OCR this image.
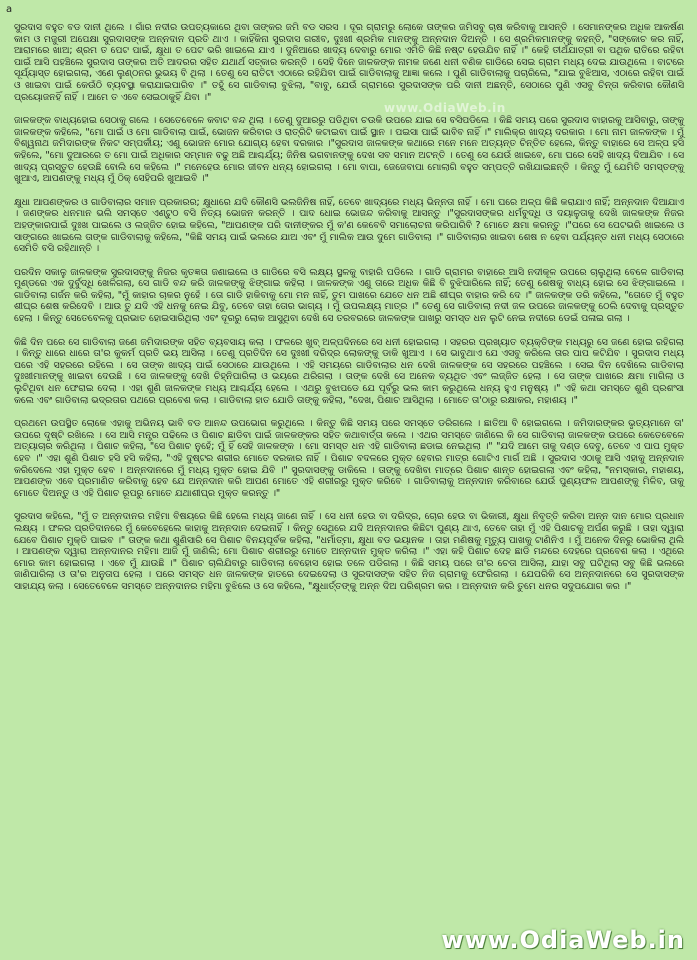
a
www.OdiaWeb.in

ସୁରଦାସ ବହୁତ ବଡ ଦାନୀ ଥିଲେ । ଗାଁର ନଦୀର ଉପତ୍ୟକାରେ ଥିବା ତାଙ୍କର ଜମି ବଡ ସରସ । ଦୂର ଗ୍ରାମରୁ ଲୋକେ ତାଙ୍କର ଜମିସବୁ ଚାଷ କରିବାକୁ ଆସନ୍ତି । ସେମାନଙ୍କର ଅଧିକ ଆକର୍ଷଣ କାମ ଓ ମଜୁରୀ ଅପେକ୍ଷା ସୁରଦାସଙ୍କ ଅନ୍ନଦାନ ପ୍ରତି ଥାଏ । କାହିଁକିନା ସୁରଦାସ ଗରୀବ, ଦୁଃଖୀ ଶ୍ରମିକ ମାନଙ୍କୁ ଅନ୍ନଦାନ ଦିଅନ୍ତି । ସେ ଶ୍ରମିକମାନଙ୍କୁ କହନ୍ତି, "ସଙ୍କୋଚ କର ନାହିଁ, ଆରାମରେ ଖାଅ; ଶ୍ରମ ତ ପେଟ ପାଇଁ, କ୍ଷୁଧା ତ ପେଟ ଭରି ଖାଇଲେ ଯାଏ । ଦୁନିଆରେ ଖାଦ୍ୟ ଦେବାରୁ ମୋର ଏମିତି କିଛି ନଷ୍ଟ ହେଉଯିବ ନାହିଁ ।" କେହି ତୀର୍ଥଯାତ୍ରୀ ବା ପଥିକ ରାତିରେ ରହିବା ପାଇଁ ଆସି ପହଞ୍ଚିଲେ ସୁରଦାସ ତାଙ୍କର ଅତି ଆଦରର ସହିତ ଯଥାର୍ଥ ସତ୍କାର କରନ୍ତି । ସେହି ଦିନେ ଜାଳକଙ୍କ ନାମକ ଜଣେ ଧନୀ ବଣିକ ଗାଡିରେ ସେଇ ଗ୍ରାମ ମଧ୍ୟ ଦେଇ ଯାଉଥିଲେ । ବାଟରେ ସୂର୍ଯ୍ୟାସ୍ତ ହୋଇଗଲା, ଏଣେ ଲୁଣ୍ଠନର ଭୁଭୟ ବି ଥିଲା । ତେଣୁ ସେ ରାତିଟା ଏଠାରେ ରହିଯିବା ପାଇଁ ଗାଡିବାଲାକୁ ଆଜ୍ଞା କଲେ । ପୁଣି ଗାଡିବାଲାକୁ ପଚାରିଲେ, "ଯାଇ ବୁଝିଆସ, ଏଠାରେ ରହିବା ପାଇଁ ଓ ଖାଇବା ପାଇଁ କେଉଁଠି ବ୍ୟବସ୍ଥା କରାଯାଇପାରିବ ।" ତହୁଁ ସେ ଗାଡିବାଲା ବୁଝିଲା, "ବାବୁ, ଯେଉଁ ଗ୍ରାମରେ ସୁରଦାସଙ୍କ ପରି ଦାନୀ ଅଛନ୍ତି, ସେଠାରେ ପୁଣି ଏସବୁ ଚିନ୍ତା କରିବାର କୌଣସି ପ୍ରୟୋଜନହିଁ ନାହିଁ । ଆମେ ତ ଏବେ ସେଇଠାକୁହିଁ ଯିବା ।"

ଜାଳକଙ୍କ ବାଧ୍ୟହୋଇ ସେଠାକୁ ଗଲେ । ସେତେବେଳେ କବାଟ ବନ୍ଦ ଥିଲା । ତେଣୁ ଦୁଆରରୁ ପଡିଥିବା ଚଉକି ଉପରେ ଯାଇ ସେ ବସିପଡିଲେ । କିଛି ସମୟ ପରେ ସୁରଦାସ ବାହାରକୁ ଆସିବାରୁ, ତାଙ୍କୁ ଜାଳକଙ୍କ କହିଲେ, "ମୋ ପାଇଁ ଓ ମୋ ଗାଡିବାଲା ପାଇଁ, ଭୋଜନ କରିବାର ଓ ରାତ୍ରିଟି କଟାଇବା ପାଇଁ ସ୍ଥାନ । ପଇସା ପାଇଁ ଭାବିବ ନାହିଁ ।" ମାଲିକ୍ର ଖାଦ୍ୟ ଦରକାର । ମୋ ନାମ ଜାଳକଙ୍କ । ମୁଁ ବିଶ୍ୱନାଥ ଜମିଦାରଙ୍କ ନିକଟ ସମ୍ପର୍କୀୟ; ଏଣୁ ଭୋଜନ ମୋର ଯୋଗ୍ୟ ହେବା ଦରକାର ।"ସୁରଦାସ ଜାଳକଙ୍କ କଥାରେ ମନେ ମନେ ଅତ୍ୟନ୍ତ ଚିନ୍ତିତ ହେଲେ, କିନ୍ତୁ ବାହାରେ ସେ ଅଳ୍ପ ହସି କହିଲେ, "ମୋ ଦୁଆରରେ ତ ମୋ ପାଇଁ ଅଧିକାର ସମ୍ମାନ ବଢୁ ଅଛି ଆଶ୍ଚର୍ଯ୍ୟ; ଜିନିଷ ଭଗବାନଙ୍କୁ ଦେଖ ସବ ସମାନ ଅଟନ୍ତି । ତେଣୁ ସେ ଯେଉଁ ଖାଇବେ, ମୋ ଘରେ ସେହି ଖାଦ୍ୟ ଦିଆଯିବ । ସେ ଖାଦ୍ୟ ପ୍ରସ୍ତୁତ ହେଉଛି ବୋଲି ସେ କହିଲେ ।" ମନେହେଉ ମୋର ଜୀବନ ଧନ୍ୟ ହୋଇଗଲା । ମୋ ବାପା, ଜେଜେବାପା ମୋଲାଗି ବହୁତ ସମ୍ପତ୍ତି ରଖିଯାଇଛନ୍ତି । କିନ୍ତୁ ମୁଁ ଯେମିତି ସମସ୍ତଙ୍କୁ ଖୁଆଏ, ଆପଣଙ୍କୁ ମଧ୍ୟ ମୁଁ ଠିକ୍ ସେହିପରି ଖୁଆଇବି ।"

କ୍ଷୁଧା ଆପଣଙ୍କର ଓ ଗାଡିବାଲାର ସମାନ ପ୍ରକାରର; କ୍ଷୁଧାରେ ଯଦି କୌଣସି ଭଲଜିନିଷ ନାହିଁ, ତେବେ ଖାଦ୍ୟରେ ମଧ୍ୟ ଭିନ୍ନତା ନାହିଁ । ମୋ ଘରେ ଅଳ୍ପ କିଛି କରାଯାଏ ନାହିଁ; ଅନ୍ନଦାନ ଦିଆଯାଏ । ଜଣଙ୍କର ଧନମାନ ଭଲି ସମସ୍ତେ ଏଣ୍ଟୁଠ ବସି ନିତ୍ୟ ଭୋଜନ କରନ୍ତି । ପାଦ ଧୋଇ ଭୋଜନ୍ଦ କରିବାକୁ ଆସନ୍ତୁ ।"ସୁରଦାସଙ୍କର ଧର୍ମବୁଦ୍ଧି ଓ ଦୟାଳୁତାକୁ ଦେଖି ଜାଳକଙ୍କ ନିଜର ଅହଙ୍କାରପାଇଁ ଦୁଃଖ ପାଇଲେ ଓ ଲଜ୍ଜିତ ହୋଇ କହିଲେ, "ଆପଣଙ୍କ ପରି ଦାନୀଙ୍କର ମୁଁ କ'ଣ କେବେବି ସମାଲୋଚନା କରିପାରିବି ? ମୋତେ କ୍ଷମା କରନ୍ତୁ ।"ପରେ ସେ ପେଟଭରି ଖାଇଲେ ଓ ସାଙ୍ଗରେ ଖାଇଲେ ତାଙ୍କ ଗାଡିବାଲାକୁ କହିଲେ, "କିଛି ସମୟ ପାଇଁ ଭଲରେ ଯାଅ ଏବଂ ମୁଁ ମାଲିକ ଆଉ ଦୁମେ ଗାଡିବାଲା ।" ଗାଡିବାଲାର ଖାଇବା ଶେଷ ନ ହେବା ପର୍ଯ୍ୟନ୍ତ ଧନୀ ମଧ୍ୟ ସେଠାରେ ସେମିତି ବସି ରହିଥାନ୍ତି ।

ପରଦିନ ସକାଳୁ ଜାଳକଙ୍କ ସୁରଦାସଙ୍କୁ ନିଜର କୃତଜ୍ଞତା ଜଣାଇଲେ ଓ ଗାଡିରେ ବସି ଲକ୍ଷ୍ୟ ସ୍ଥଳକୁ ବାହାରି ପଡିଲେ । ଗାଡି ଗ୍ରାମର ବାହାରେ ଆସି ନଦୀକୂଳ ଉପରେ ଚାଲୁଥିଲା ବେଳେ ଗାଡିବାଲା ମୁଣ୍ଡରେ ଏକ ଦୁର୍ବୁଦ୍ଧି ଖେଳିଗଲା, ସେ ଗାଡି ବନ୍ଦ କରି ଜାଳକଙ୍କୁ ଝିଙ୍ଗାଇ କହିଲା । ଜାଳକଙ୍କ ଏଣୁ ତାରେ ଅଧିକ କିଛି ବି ବୁଝିପାରିଲେ ନାହିଁ; ତେଣୁ ଶେଷକୁ ବାଧ୍ୟ ହୋଇ ସେ ଝିଙ୍ଗାଇଲେ । ଗାଡିବାଲା ଗର୍ଜନ କରି କହିଲା, "ମୁଁ କାହାର ଚାକର ନୁହେଁ । ତୋ ଗାଡି ହାକିବାକୁ ମୋ ମନ ନାହିଁ, ତୁମ ପାଖରେ ଯେତେ ଧନ ଅଛି ଶୀଘ୍ର ବାହାର କରି ଦେ ।" ଜାଳକଙ୍କ ଡରି କହିଲେ, "ତୋତେ ମୁଁ ବହୁତ ଶୀଘ୍ର ଶେଷ କରିଦେବି । ଆଉ ତୁ ଯଦି ଏହି ଧନକୁ ନେଇ ଯିବୁ, ତେବେ ତାହା ତୋର ଭାଗ୍ୟ । ମୁଁ ଉପଲକ୍ଷ୍ୟ ମାତ୍ର ।" ତେଣୁ ସେ ଗାଡିବାଲା ନଦୀ ଜଳ ଉପରେ ଜାଳକଙ୍କୁ ଠେଲି ଦେବାକୁ ପ୍ରସ୍ତୁତ ହେଲା । କିନ୍ତୁ ସେତେବେଳକୁ ପ୍ରଭାତ ହୋଇସାରିଥିଲା ଏବଂ ଦୂରରୁ ଲୋକ ଆସୁଥିବା ଦେଖି ସେ ତରବରରେ ଜାଳକଙ୍କ ପାଖରୁ ସମସ୍ତ ଧନ ଲୁଟି ନେଇ ନଦୀରେ ଡେଇଁ ପଳାଇ ଗଲା ।

କିଛି ଦିନ ପରେ ସେ ଗାଡିବାଲା ଜଣେ ଜମିଦାରଙ୍କ ସହିତ ବ୍ୟବସାୟ କଲା । ଫଳରେ ଖୁବ୍ ଅଳ୍ପଦିନରେ ସେ ଧନୀ ହୋଇଗଲା । ସହରର ପ୍ରଖ୍ୟାତ ବ୍ୟକ୍ତିଙ୍କ ମଧ୍ୟରୁ ସେ ଜଣେ ହୋଇ ରହିଗଲା । କିନ୍ତୁ ଧାରେ ଧାରେ ତା'ର କୁକର୍ମ ପ୍ରତି ଭୟ ଆସିଲା । ତେଣୁ ପ୍ରତିଦିନ ସେ ଦୁଃଖୀ ଦରିଦ୍ର ଲୋକଙ୍କୁ ଡାକି ଖୁଆଏ । ସେ ଭାବୁଥାଏ ଯେ ଏସବୁ କରିଲେ ତାର ପାପ କଟିଯିବ । ସୁରଦାସ ମଧ୍ୟ ପରେ ଏହି ସହରରେ ରହିଲେ । ସେ ତାଙ୍କ ଖାଦ୍ୟ ପାଇଁ ସେଠାରେ ଯାଉଥିଲେ । ଏହି ସମୟରେ ଗାଡିବାଲାର ଧନ ଦେଖି ଜାଳକଙ୍କ ସେ ସହରରେ ପହଞ୍ଚିଲେ । ସେଇ ଦିନ ଦେଖିଲେ ଗାଡିବାଲା ଦୁଃଖୀମାନଙ୍କୁ ଖାଇବା ଦେଉଛି । ସେ ଜାଳକଙ୍କୁ ଦେଖି ଚିହ୍ନିପାରିଲା ଓ ଭୟରେ ଥରିଗଲା । ତାଙ୍କ ଦେଖି ସେ ଅନେକ ବ୍ୟଥିତ ଏବଂ ଲଜ୍ଜିତ ହେଲା । ସେ ତାଙ୍କ ପାଖରେ କ୍ଷମା ମାଗିଲା ଓ ଲୁଟିଥିବା ଧନ ଫେରାଇ ଦେଲା । ଏହା ଶୁଣି ଜାଳକଙ୍କ ମଧ୍ୟ ଆଶ୍ଚର୍ଯ୍ୟ ହେଲେ । ଏଥରୁ ବୁଝାପଡେ ଯେ ପୂର୍ବରୁ ଭଲ କାମ କରୁଥିଲେ ଧନ୍ୟ ହୁଏ ମନୁଷ୍ୟ ।" ଏହି କଥା ସମସ୍ତେ ଶୁଣି ପ୍ରଶଂସା କଲେ ଏବଂ ଗାଡିବାଲା ଭଦ୍ରତାର ପଥରେ ପ୍ରବେଶ କଲା । ଗାଡିବାଲା ହାତ ଯୋଡି ତାଙ୍କୁ କହିଲା, "ଦେଖ, ପିଶାଚ ଆସିଥିଲା । ମୋତେ ତା'ଠାରୁ ରକ୍ଷାକର, ମହାଶୟ ।"

ପ୍ରଥମେ ଉପସ୍ଥିତ ଲୋକେ ଏହାକୁ ଅଭିନୟ ଭାବି ବଡ ଆନନ୍ଦ ଉପଭୋଗ କରୁଥିଲେ । କିନ୍ତୁ କିଛି ସମୟ ପରେ ସମସ୍ତେ ଡରିଗଲେ । ଛାତିଆ ବି ହୋଇଗଲେ । ଜମିଦାରଙ୍କର ଭୃତ୍ୟମାନେ ତା' ଉପରେ ଦୃଷ୍ଟି ରଖିଲେ । ସେ ଆସି ମନ୍ତ୍ର ପଢିଲେ ଓ ପିଶାଚ ଛାଡିବା ପାଇଁ ଜାଳକଙ୍କର ସହିତ କଥାବାର୍ତ୍ତା କଲେ । ଏଥର ସମସ୍ତେ ଜାଣିଲେ କି ସେ ଗାଡିବାଲା ଜାଳକଙ୍କ ଉପରେ କେତେବେଳେ ଅତ୍ୟାଚାର କରିଥିଲା । ପିଶାଚ କହିଲା, "ସେ ପିଶାଚ ନୁହେଁ; ମୁଁ ହିଁ ସେହି ଜାଳକଙ୍କ । ମୋ ସମସ୍ତ ଧନ ଏହି ଗାଡିବାଲା ଛଡାଇ ନେଇଥିଲା ।" "ଯଦି ଆମେ ତାକୁ ଦଣ୍ଡ ଦେବୁ, ତେବେ ଏ ପାପ ମୁକ୍ତ ହେବ ।" ଏହା ଶୁଣି ପିଶାଚ ହସି ହସି କହିଲା, "ଏହି ଦୁଷ୍ଟର ଶରୀର ମୋତେ ଦରକାର ନାହିଁ । ପିଶାଚ ବଦଳରେ ମୁକ୍ତ ହେବାର ମାତ୍ର ଗୋଟିଏ ମାର୍ଗ ଅଛି । ସୁରଦାସ ଏଠାକୁ ଆସି ଏହାକୁ ଅନ୍ନଦାନ କରିଦେଲେ ଏହା ମୁକ୍ତ ହେବ । ଅନ୍ନଦାନରେ ମୁଁ ମଧ୍ୟ ମୁକ୍ତ ହୋଇ ଯିବି ।" ସୁରଦାସଙ୍କୁ ଡାକିଲେ । ତାଙ୍କୁ ଦେଖିବା ମାତ୍ରେ ପିଶାଚ ଶାନ୍ତ ହୋଇଗଲା ଏବଂ କହିଲା, "ନମସ୍କାର, ମହାଶୟ, ଆପଣଙ୍କ ଏବେ ପ୍ରମାଣିତ କରିବାକୁ ହେବ ଯେ ଅନ୍ନଦାନ କରି ଆପଣ ମୋତେ ଏହି ଶରୀରରୁ ମୁକ୍ତ କରିବେ । ଗାଡିବାଲାକୁ ଅନ୍ନଦାନ କରିବାରେ ଯେଉଁ ପୁଣ୍ୟଫଳ ଆପଣଙ୍କୁ ମିଳିବ, ତାକୁ ମୋତେ ଦିଅନ୍ତୁ ଓ ଏହି ପିଶାଚ ରୂପରୁ ମୋତେ ଯଥାଶୀଘ୍ର ମୁକ୍ତ କରନ୍ତୁ ।"

ସୁରଦାସ କହିଲେ, "ମୁଁ ତ ଅନ୍ନଦାନର ମହିମା ବିଷୟରେ କିଛି ହେଲେ ମଧ୍ୟ ଜାଣେ ନାହିଁ । ସେ ଧନୀ ହେଉ ବା ଦରିଦ୍ର, ଚୋର ହେଉ ବା ଭିକାରୀ, କ୍ଷୁଧା ନିବୃତ୍ତି କରିବା ଅନ୍ନ ଦାନ ମୋର ପ୍ରଧାନ ଲକ୍ଷ୍ୟ । ଫଳର ପ୍ରତିଦାନରେ ମୁଁ କେବେହେଲେ କାହାକୁ ଅନ୍ନଦାନ ଦେଇନାହିଁ । କିନ୍ତୁ ସେଥିରେ ଯଦି ଅନ୍ନଦାନର କିଛିଟା ପୁଣ୍ୟ ଥାଏ, ତେବେ ତାହା ମୁଁ ଏହି ପିଶାଚକୁ ଅର୍ପଣ କରୁଛି । ତାହା ଦ୍ୱାରା ଯେବେ ପିଶାଚ ମୁକ୍ତି ପାଇବ ।" ତାଙ୍କ କଥା ଶୁଣିସାରି ସେ ପିଶାଚ ବିନୟପୂର୍ବକ କହିଲା, "ଧର୍ମାତ୍ମା, କ୍ଷୁଧା ବଡ ଭୟାନକ । ତାହା ମଣିଷକୁ ମୃତ୍ୟୁ ପାଖକୁ ଟାଣିନିଏ । ମୁଁ ଅନେକ ଦିନରୁ ଭୋକିଲା ଥିଲି । ଆପଣଙ୍କ ଦ୍ୱାରା ଅନ୍ନଦାନର ମହିମା ଆଜି ମୁଁ ଜାଣିଲି; ମୋ ପିଶାଚ ଶରୀରରୁ ମୋତେ ଅନ୍ନଦାନ ମୁକ୍ତ କରିଲା ।" ଏହା କହି ପିଶାଚ ଦେହ ଛାଡି ମନ୍ଦରେ ଦେହରେ ପ୍ରବେଶ କଲା । ଏଥିରେ ମୋର କାମ ହୋଇଗଲା । ଏବେ ମୁଁ ଯାଉଛି ।" ପିଶାଚ ଚାଲିଯିବାରୁ ଗାଡିବାଲା ବେହୋସ ହୋଇ ତଳେ ପଡିଗଲା । କିଛି ସମୟ ପରେ ତା'ର ଚେତା ଆସିଲା, ଯାହା ସବୁ ଘଟିଥିଲା ସବୁ କିଛି ଭଲରେ ଜାଣିପାରିଲା ଓ ତା'ର ଅନୁତାପ ହେଲା । ପରେ ସମସ୍ତ ଧନ ଜାଳକଙ୍କ ହାତରେ ଦେଇଦେଲା ଓ ସୁରଦାସଙ୍କ ସହିତ ନିଜ ଗ୍ରାମକୁ ଫେରିଗଲା । ଯେପରିକି ସେ ଅନ୍ନଦାନରେ ସେ ସୁରଦାସଙ୍କ ସାହାଯ୍ୟ କଲା । ସେତେବେଳେ ସମସ୍ତେ ଅନ୍ନଦାନର ମହିମା ବୁଝିଲେ ଓ ସେ କହିଲେ, "କ୍ଷୁଧାର୍ତ୍ତଙ୍କୁ ଅନ୍ନ ଦିଅ ପରିଶ୍ରମ କର । ଅନ୍ନଦାନ କରି ତୁମେ ଧନର ସଦୁପଯୋଗ କର ।"

www.OdiaWeb.in
